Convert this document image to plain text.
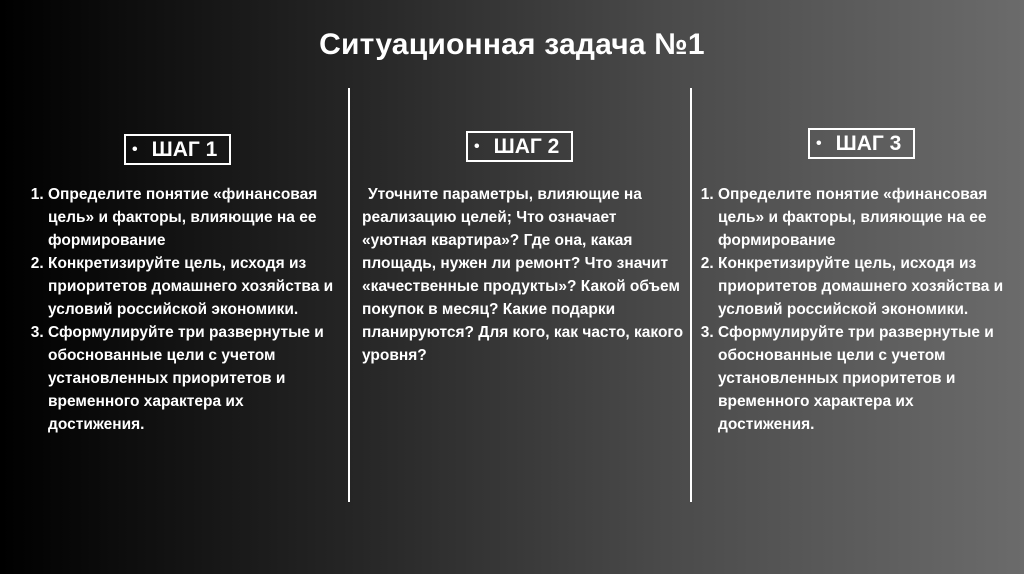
Ситуационная задача №1
• ШАГ 1
1. Определите понятие «финансовая цель» и факторы, влияющие на ее формирование
2. Конкретизируйте цель, исходя из приоритетов домашнего хозяйства и условий российской экономики.
3. Сформулируйте три развернутые и обоснованные цели с учетом установленных приоритетов и временного характера их достижения.
• ШАГ 2

Уточните параметры, влияющие на реализацию целей; Что означает «уютная квартира»? Где она, какая площадь, нужен ли ремонт? Что значит «качественные продукты»? Какой объем покупок в месяц? Какие подарки планируются? Для кого, как часто, какого уровня?

• ШАГ 3
1. Определите понятие «финансовая цель» и факторы, влияющие на ее формирование
2. Конкретизируйте цель, исходя из приоритетов домашнего хозяйства и условий российской экономики.
3. Сформулируйте три развернутые и обоснованные цели с учетом установленных приоритетов и временного характера их достижения.
